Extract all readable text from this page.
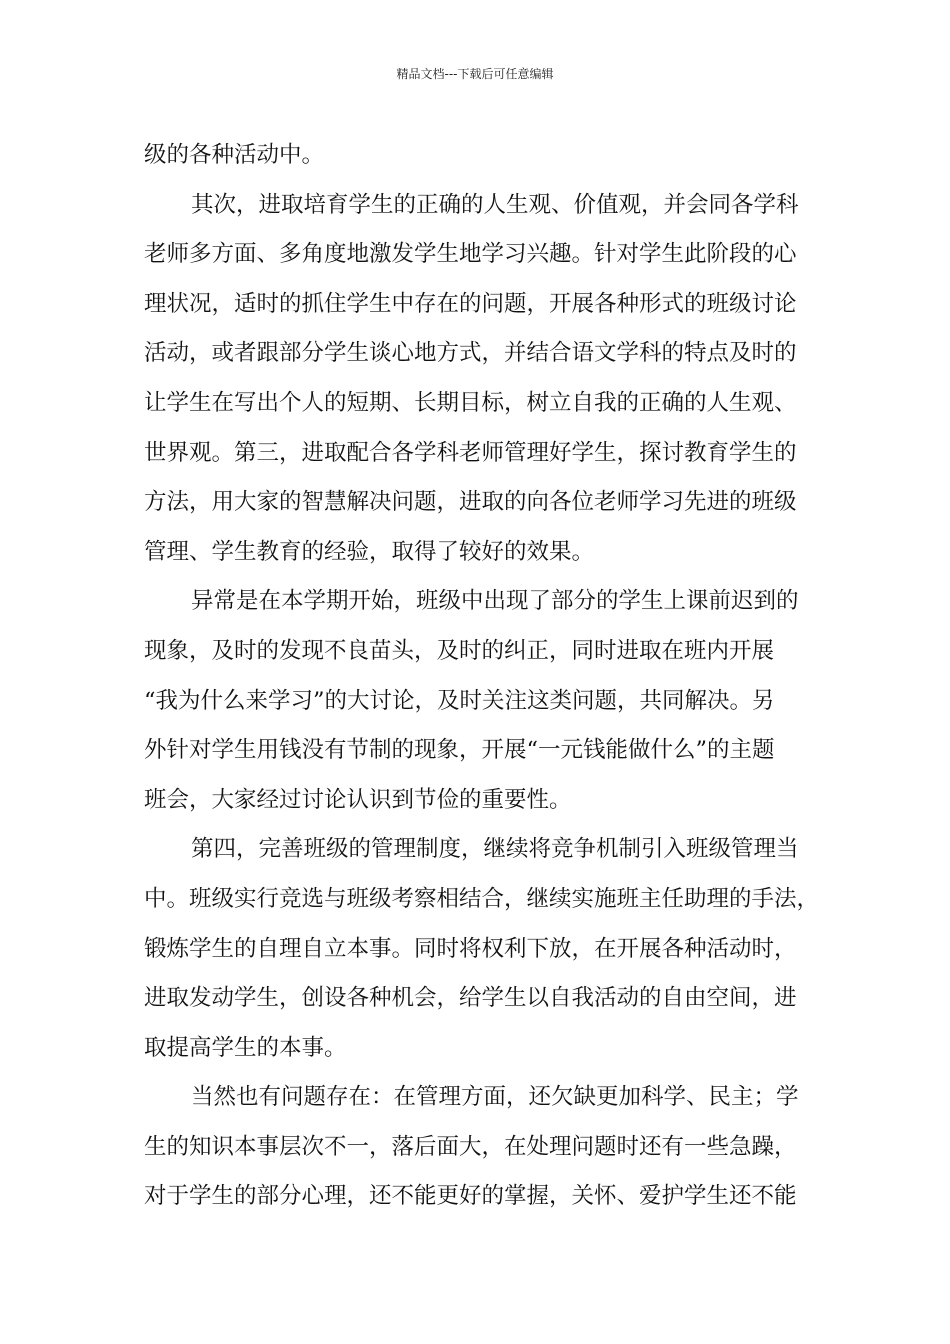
精品文档---下载后可任意编辑
级的各种活动中。
其次，进取培育学生的正确的人生观、价值观，并会同各学科
老师多方面、多角度地激发学生地学习兴趣。针对学生此阶段的心
理状况，适时的抓住学生中存在的问题，开展各种形式的班级讨论
活动，或者跟部分学生谈心地方式，并结合语文学科的特点及时的
让学生在写出个人的短期、长期目标，树立自我的正确的人生观、
世界观。第三，进取配合各学科老师管理好学生，探讨教育学生的
方法，用大家的智慧解决问题，进取的向各位老师学习先进的班级
管理、学生教育的经验，取得了较好的效果。
异常是在本学期开始，班级中出现了部分的学生上课前迟到的
现象，及时的发现不良苗头，及时的纠正，同时进取在班内开展
“我为什么来学习”的大讨论，及时关注这类问题，共同解决。另
外针对学生用钱没有节制的现象，开展“一元钱能做什么”的主题
班会，大家经过讨论认识到节俭的重要性。
第四，完善班级的管理制度，继续将竞争机制引入班级管理当
中。班级实行竞选与班级考察相结合，继续实施班主任助理的手法，
锻炼学生的自理自立本事。同时将权利下放，在开展各种活动时，
进取发动学生，创设各种机会，给学生以自我活动的自由空间，进
取提高学生的本事。
当然也有问题存在：在管理方面，还欠缺更加科学、民主；学
生的知识本事层次不一，落后面大，在处理问题时还有一些急躁，
对于学生的部分心理，还不能更好的掌握，关怀、爱护学生还不能
